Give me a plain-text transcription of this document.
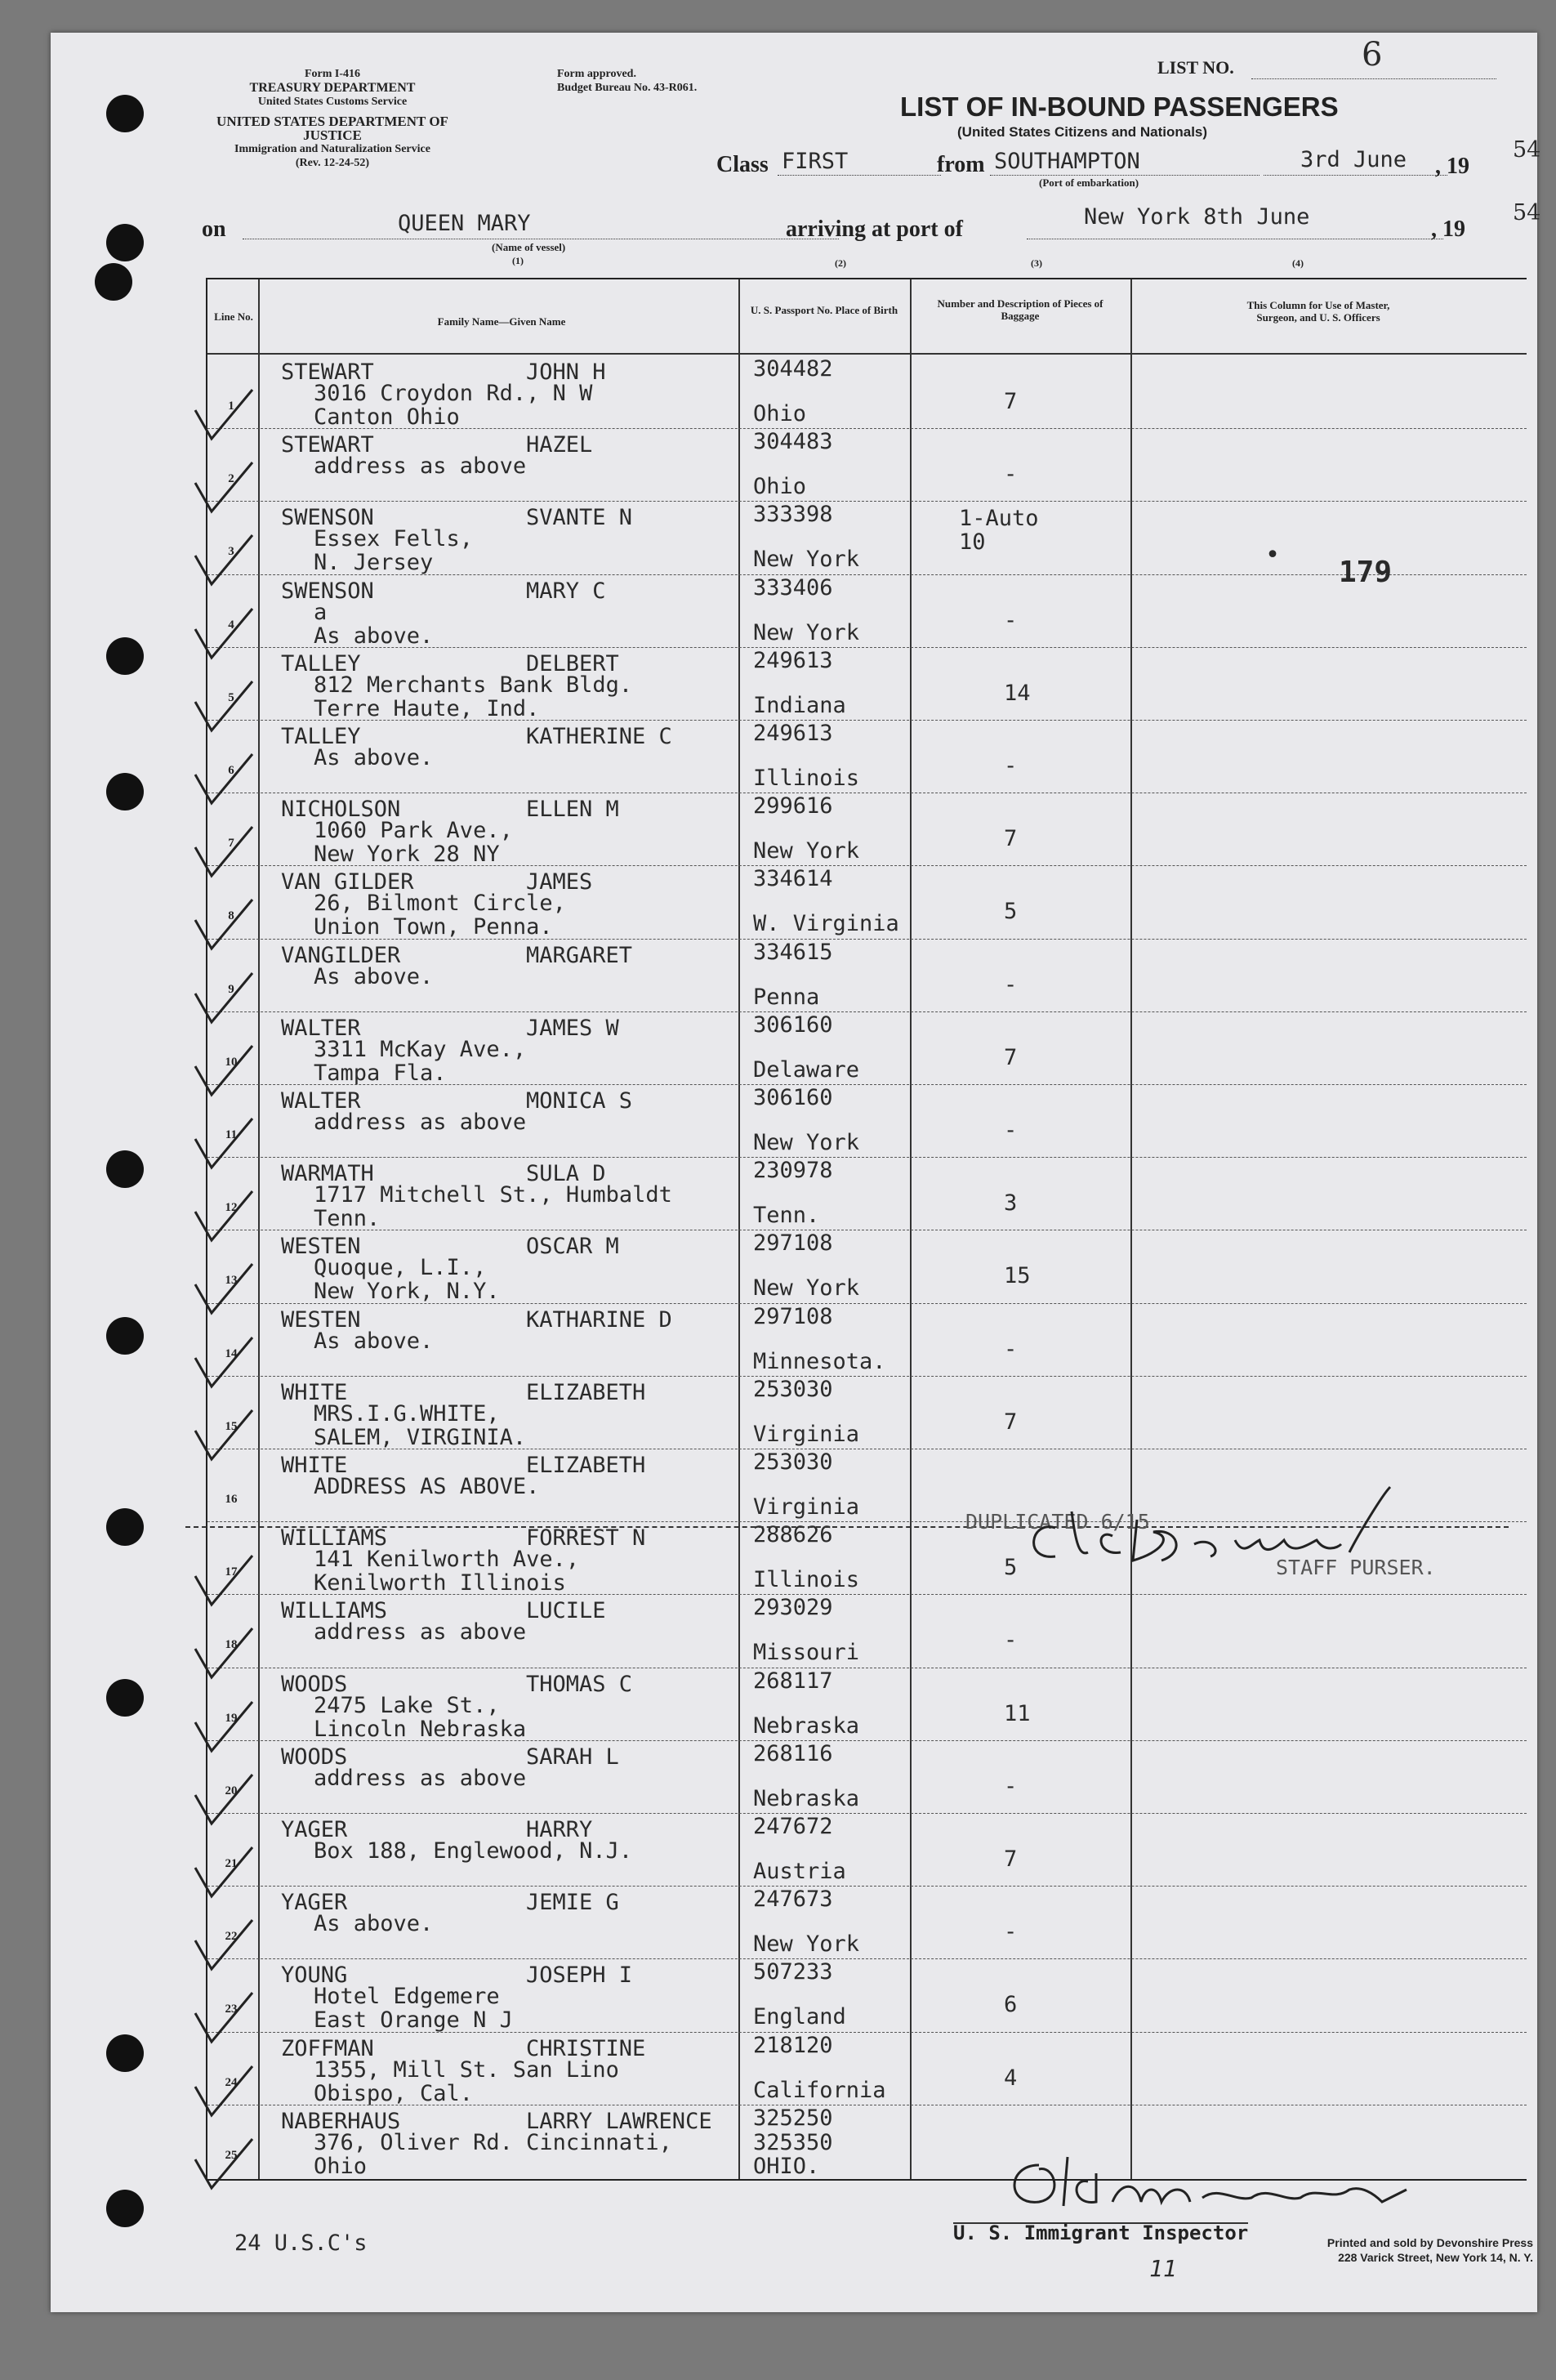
Form I-416
TREASURY DEPARTMENT
United States Customs Service
UNITED STATES DEPARTMENT OF JUSTICE
Immigration and Naturalization Service
(Rev. 12-24-52)
Form approved.
Budget Bureau No. 43-R061.
LIST NO.	6
LIST OF IN-BOUND PASSENGERS
(United States Citizens and Nationals)
Class FIRST	from SOUTHAMPTON
(Port of embarkation)
3rd June , 19
54
on	QUEEN MARY
(Name of vessel)
(1)
arriving at port of	New York 8th June	, 19
54
(2)	(3)	(4)
Line No.	Family Name—Given Name
U. S. Passport No. Place of Birth
Number and Description of Pieces of Baggage
This Column for Use of Master, Surgeon, and U. S. Officers
1
STEWART	JOHN H
3016 Croydon Rd., N W
Canton Ohio
304482
Ohio	7
2
STEWART	HAZEL
address as above
304483
Ohio	-
3
SWENSON	SVANTE N
Essex Fells,
N. Jersey
333398
New York
1-Auto
10
4
SWENSON	MARY C
a
As above.
333406
New York	-
5
TALLEY	DELBERT
812 Merchants Bank Bldg.
Terre Haute, Ind.
249613
Indiana	14
6
TALLEY	KATHERINE C
As above.
249613
Illinois	-
7
NICHOLSON	ELLEN M
1060 Park Ave.,
New York 28 NY
299616
New York	7
8
VAN GILDER	JAMES
26, Bilmont Circle,
Union Town, Penna.
334614
W. Virginia	5
9
VANGILDER	MARGARET
As above.
334615
Penna	-
10
WALTER	JAMES W
3311 McKay Ave.,
Tampa Fla.
306160
Delaware	7
11
WALTER	MONICA S
address as above
306160
New York	-
12
WARMATH	SULA D
1717 Mitchell St., Humbaldt
Tenn.
230978
Tenn.	3
13
WESTEN	OSCAR M
Quoque, L.I.,
New York, N.Y.
297108
New York	15
14
WESTEN	KATHARINE D
As above.
297108
Minnesota.	-
15
WHITE	ELIZABETH
MRS.I.G.WHITE,
SALEM, VIRGINIA.
253030
Virginia	7
16
WHITE	ELIZABETH
ADDRESS AS ABOVE.
253030
Virginia
17
WILLIAMS	FORREST N
141 Kenilworth Ave.,
Kenilworth Illinois
288626
Illinois	5
18
WILLIAMS	LUCILE
address as above
293029
Missouri	-
19
WOODS	THOMAS C
2475 Lake St.,
Lincoln Nebraska
268117
Nebraska	11
20
WOODS	SARAH L
address as above
268116
Nebraska	-
21
YAGER	HARRY
Box 188, Englewood, N.J.
247672
Austria	7
22
YAGER	JEMIE G
As above.
247673
New York	-
23
YOUNG	JOSEPH I
Hotel Edgemere
East Orange N J
507233
England	6
24
ZOFFMAN	CHRISTINE
1355, Mill St. San Lino
Obispo, Cal.
218120
California	4
25
NABERHAUS	LARRY LAWRENCE
376, Oliver Rd. Cincinnati,
Ohio
325250
325350
OHIO.
179
•
DUPLICATED 6/15
STAFF PURSER.
U. S. Immigrant Inspector
24 U.S.C's	Printed and sold by Devonshire Press
228 Varick Street, New York 14, N. Y.
11
